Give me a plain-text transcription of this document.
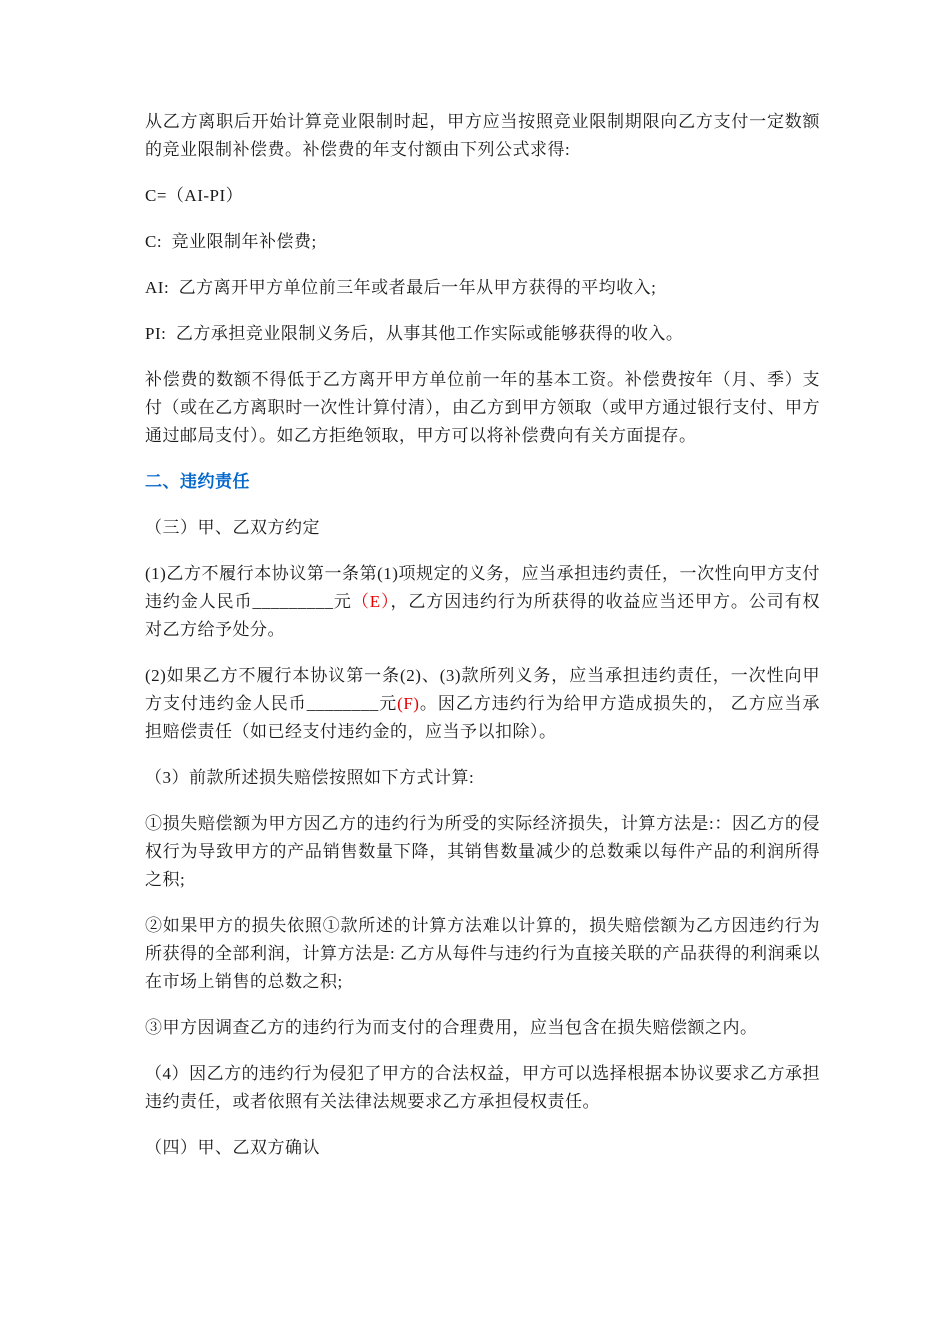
从乙方离职后开始计算竞业限制时起，甲方应当按照竞业限制期限向乙方支付一定数额的竞业限制补偿费。补偿费的年支付额由下列公式求得:

C=（AI-PI）

C:  竞业限制年补偿费;

AI:  乙方离开甲方单位前三年或者最后一年从甲方获得的平均收入;

PI:  乙方承担竞业限制义务后，从事其他工作实际或能够获得的收入。

补偿费的数额不得低于乙方离开甲方单位前一年的基本工资。补偿费按年（月、季）支付（或在乙方离职时一次性计算付清），由乙方到甲方领取（或甲方通过银行支付、甲方通过邮局支付）。如乙方拒绝领取，甲方可以将补偿费向有关方面提存。

二、违约责任

（三）甲、乙双方约定

(1)乙方不履行本协议第一条第(1)项规定的义务，应当承担违约责任，一次性向甲方支付违约金人民币_________元（E），乙方因违约行为所获得的收益应当还甲方。公司有权对乙方给予处分。

(2)如果乙方不履行本协议第一条(2)、(3)款所列义务，应当承担违约责任，一次性向甲方支付违约金人民币________元(F)。因乙方违约行为给甲方造成损失的， 乙方应当承担赔偿责任（如已经支付违约金的，应当予以扣除）。

（3）前款所述损失赔偿按照如下方式计算:

①损失赔偿额为甲方因乙方的违约行为所受的实际经济损失，计算方法是:：因乙方的侵权行为导致甲方的产品销售数量下降，其销售数量减少的总数乘以每件产品的利润所得之积;

②如果甲方的损失依照①款所述的计算方法难以计算的，损失赔偿额为乙方因违约行为所获得的全部利润，计算方法是: 乙方从每件与违约行为直接关联的产品获得的利润乘以在市场上销售的总数之积;

③甲方因调查乙方的违约行为而支付的合理费用，应当包含在损失赔偿额之内。

（4）因乙方的违约行为侵犯了甲方的合法权益，甲方可以选择根据本协议要求乙方承担违约责任，或者依照有关法律法规要求乙方承担侵权责任。

（四）甲、乙双方确认
